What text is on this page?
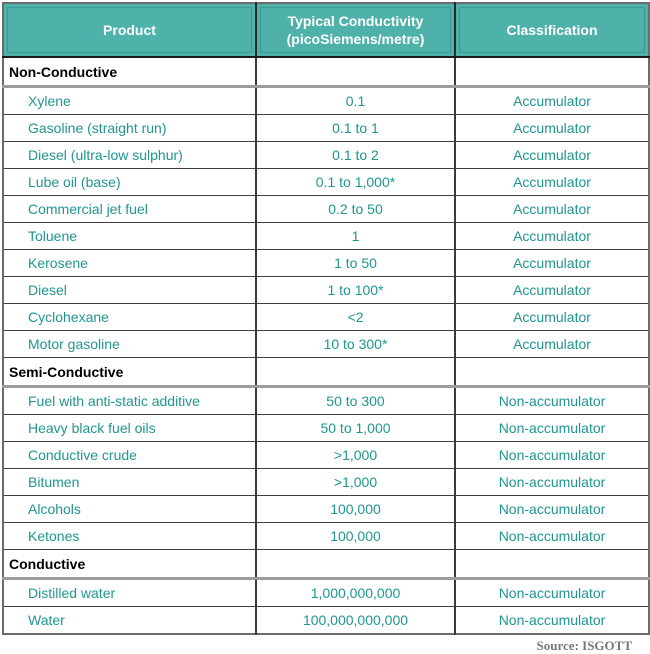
Product	Typical Conductivity (picoSiemens/metre)	Classification
Non-Conductive		
Xylene	0.1	Accumulator
Gasoline (straight run)	0.1 to 1	Accumulator
Diesel (ultra-low sulphur)	0.1 to 2	Accumulator
Lube oil (base)	0.1 to 1,000*	Accumulator
Commercial jet fuel	0.2 to 50	Accumulator
Toluene	1	Accumulator
Kerosene	1 to 50	Accumulator
Diesel	1 to 100*	Accumulator
Cyclohexane	<2	Accumulator
Motor gasoline	10 to 300*	Accumulator
Semi-Conductive		
Fuel with anti-static additive	50 to 300	Non-accumulator
Heavy black fuel oils	50 to 1,000	Non-accumulator
Conductive crude	>1,000	Non-accumulator
Bitumen	>1,000	Non-accumulator
Alcohols	100,000	Non-accumulator
Ketones	100,000	Non-accumulator
Conductive		
Distilled water	1,000,000,000	Non-accumulator
Water	100,000,000,000	Non-accumulator
Source: ISGOTT
